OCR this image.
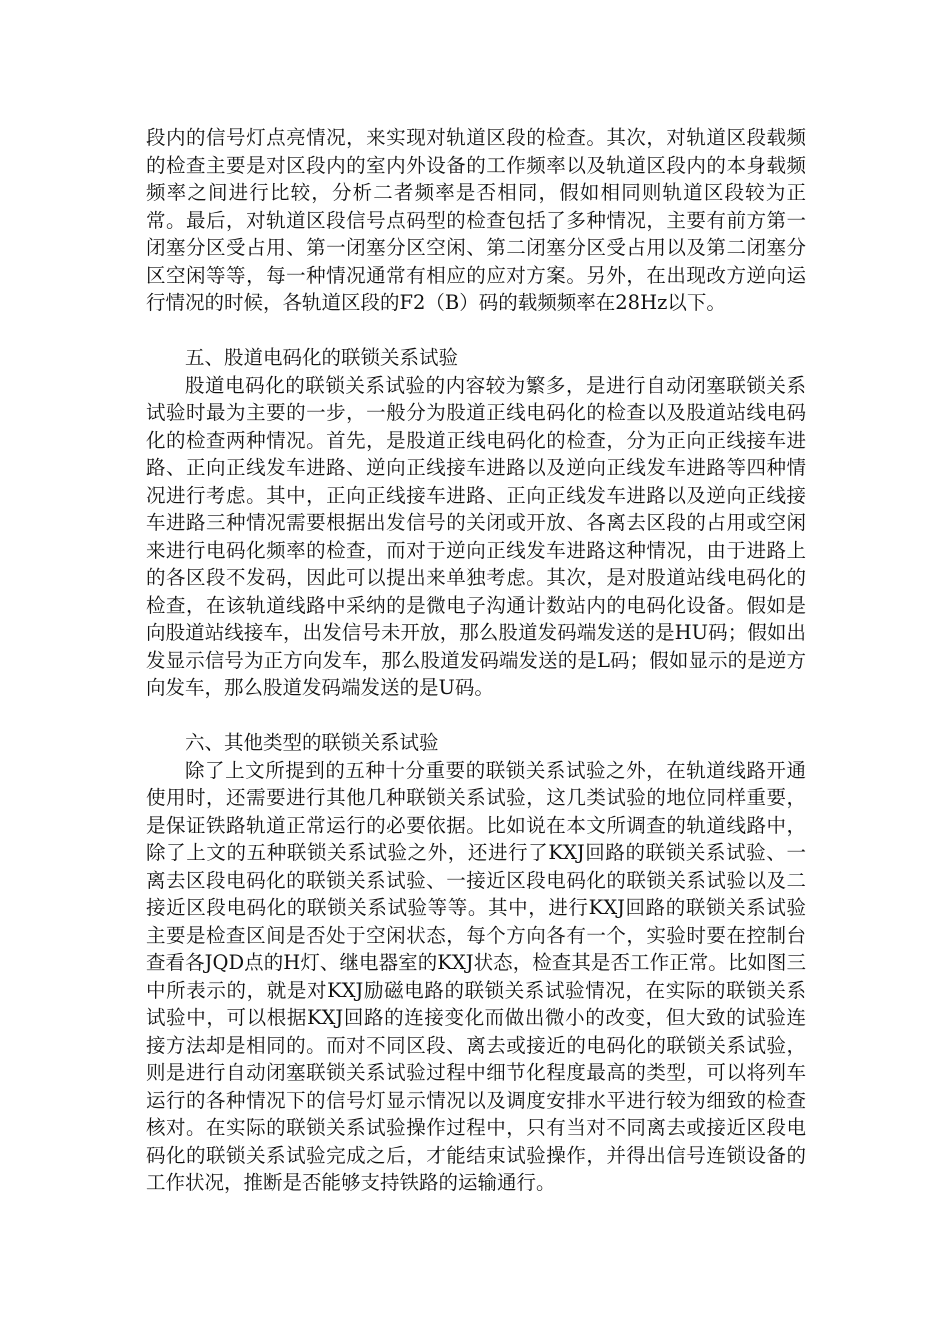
段内的信号灯点亮情况，来实现对轨道区段的检查。其次，对轨道区段载频的检查主要是对区段内的室内外设备的工作频率以及轨道区段内的本身载频频率之间进行比较，分析二者频率是否相同，假如相同则轨道区段较为正常。最后，对轨道区段信号点码型的检查包括了多种情况，主要有前方第一闭塞分区受占用、第一闭塞分区空闲、第二闭塞分区受占用以及第二闭塞分区空闲等等，每一种情况通常有相应的应对方案。另外，在出现改方逆向运行情况的时候，各轨道区段的F2（B）码的载频频率在28Hz以下。

五、股道电码化的联锁关系试验

股道电码化的联锁关系试验的内容较为繁多，是进行自动闭塞联锁关系试验时最为主要的一步，一般分为股道正线电码化的检查以及股道站线电码化的检查两种情况。首先，是股道正线电码化的检查，分为正向正线接车进路、正向正线发车进路、逆向正线接车进路以及逆向正线发车进路等四种情况进行考虑。其中，正向正线接车进路、正向正线发车进路以及逆向正线接车进路三种情况需要根据出发信号的关闭或开放、各离去区段的占用或空闲来进行电码化频率的检查，而对于逆向正线发车进路这种情况，由于进路上的各区段不发码，因此可以提出来单独考虑。其次，是对股道站线电码化的检查，在该轨道线路中采纳的是微电子沟通计数站内的电码化设备。假如是向股道站线接车，出发信号未开放，那么股道发码端发送的是HU码；假如出发显示信号为正方向发车，那么股道发码端发送的是L码；假如显示的是逆方向发车，那么股道发码端发送的是U码。

六、其他类型的联锁关系试验

除了上文所提到的五种十分重要的联锁关系试验之外，在轨道线路开通使用时，还需要进行其他几种联锁关系试验，这几类试验的地位同样重要，是保证铁路轨道正常运行的必要依据。比如说在本文所调查的轨道线路中，除了上文的五种联锁关系试验之外，还进行了KXJ回路的联锁关系试验、一离去区段电码化的联锁关系试验、一接近区段电码化的联锁关系试验以及二接近区段电码化的联锁关系试验等等。其中，进行KXJ回路的联锁关系试验主要是检查区间是否处于空闲状态，每个方向各有一个，实验时要在控制台查看各JQD点的H灯、继电器室的KXJ状态，检查其是否工作正常。比如图三中所表示的，就是对KXJ励磁电路的联锁关系试验情况，在实际的联锁关系试验中，可以根据KXJ回路的连接变化而做出微小的改变，但大致的试验连接方法却是相同的。而对不同区段、离去或接近的电码化的联锁关系试验，则是进行自动闭塞联锁关系试验过程中细节化程度最高的类型，可以将列车运行的各种情况下的信号灯显示情况以及调度安排水平进行较为细致的检查核对。在实际的联锁关系试验操作过程中，只有当对不同离去或接近区段电码化的联锁关系试验完成之后，才能结束试验操作，并得出信号连锁设备的工作状况，推断是否能够支持铁路的运输通行。
